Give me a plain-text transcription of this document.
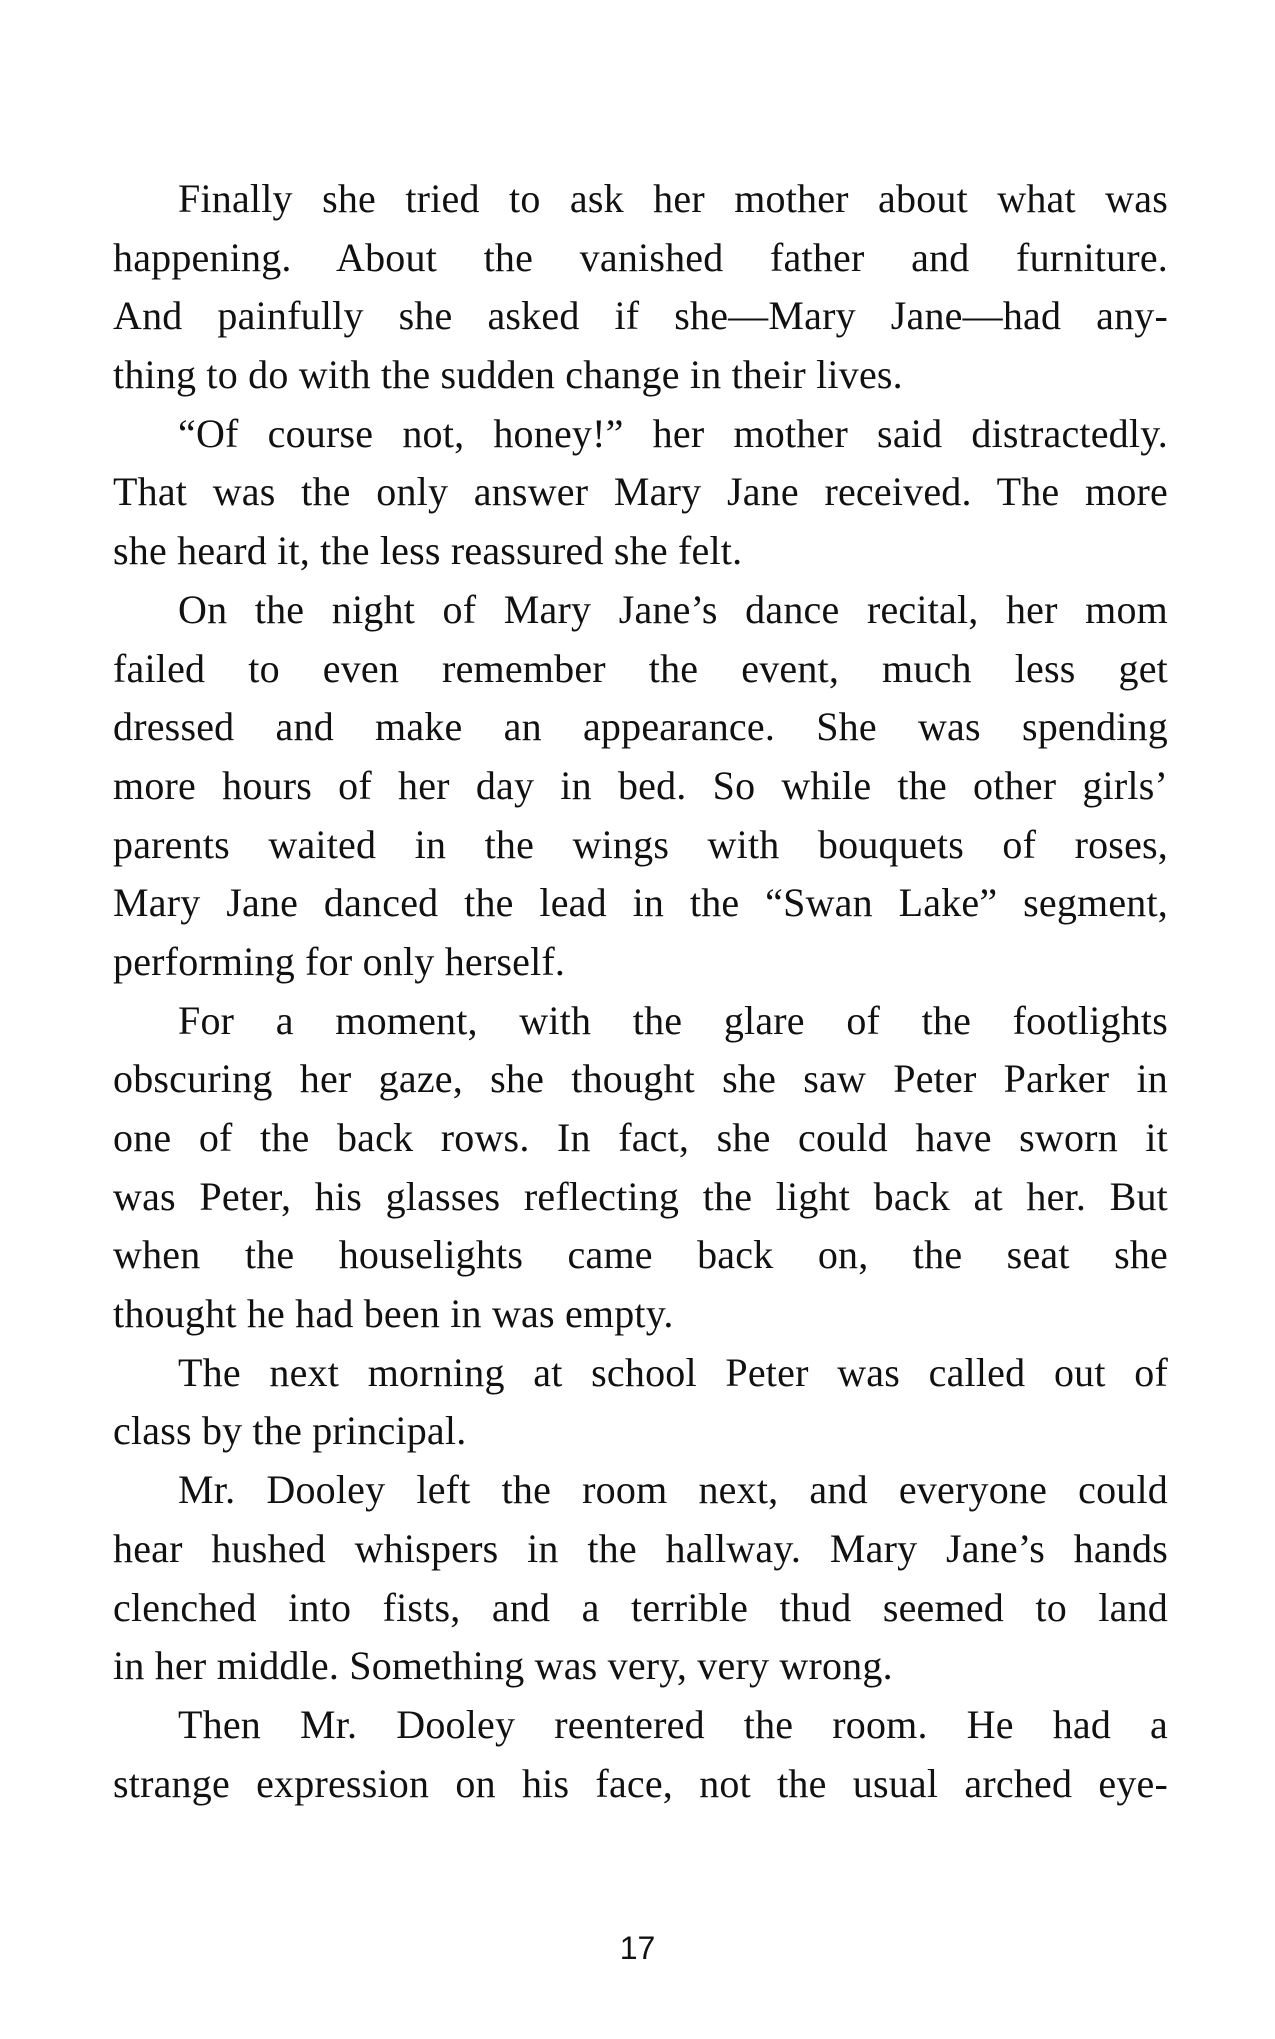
Finally she tried to ask her mother about what was
happening. About the vanished father and furniture.
And painfully she asked if she—Mary Jane—had any-
thing to do with the sudden change in their lives.
“Of course not, honey!” her mother said distractedly.
That was the only answer Mary Jane received. The more
she heard it, the less reassured she felt.
On the night of Mary Jane’s dance recital, her mom
failed to even remember the event, much less get
dressed and make an appearance. She was spending
more hours of her day in bed. So while the other girls’
parents waited in the wings with bouquets of roses,
Mary Jane danced the lead in the “Swan Lake” segment,
performing for only herself.
For a moment, with the glare of the footlights
obscuring her gaze, she thought she saw Peter Parker in
one of the back rows. In fact, she could have sworn it
was Peter, his glasses reflecting the light back at her. But
when the houselights came back on, the seat she
thought he had been in was empty.
The next morning at school Peter was called out of
class by the principal.
Mr. Dooley left the room next, and everyone could
hear hushed whispers in the hallway. Mary Jane’s hands
clenched into fists, and a terrible thud seemed to land
in her middle. Something was very, very wrong.
Then Mr. Dooley reentered the room. He had a
strange expression on his face, not the usual arched eye-
17
